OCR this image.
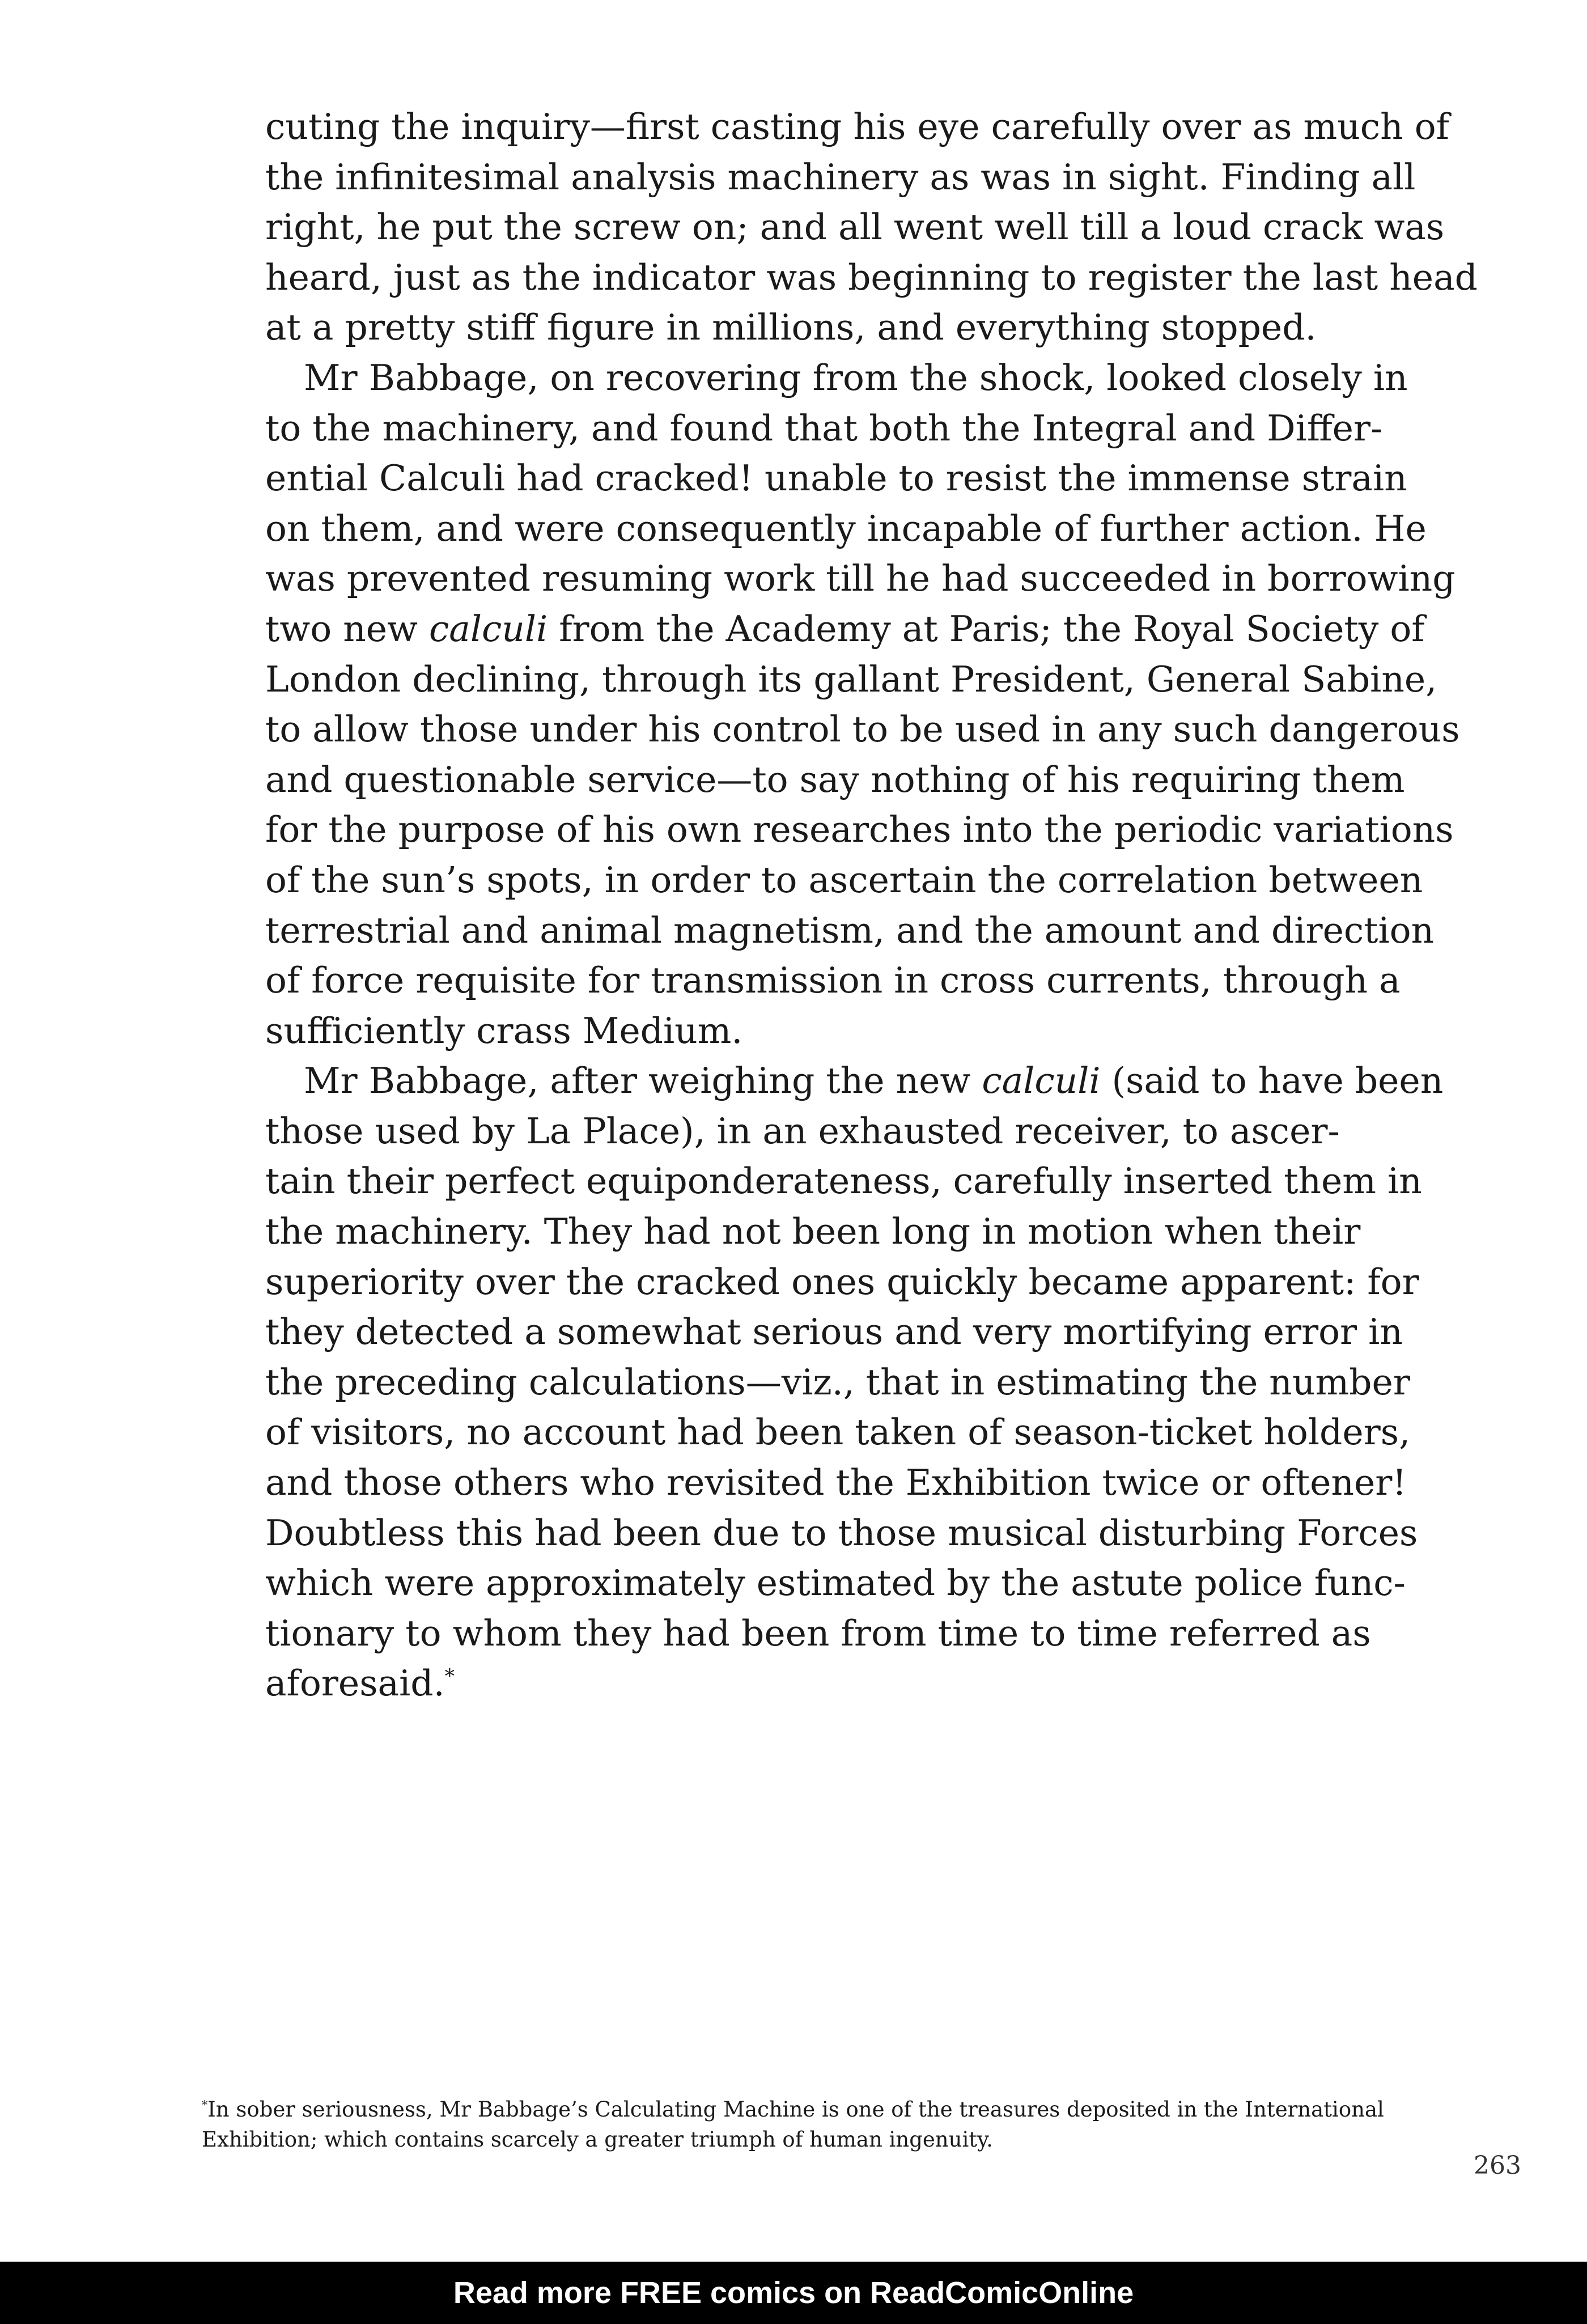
cuting the inquiry—first casting his eye carefully over as much of
the infinitesimal analysis machinery as was in sight. Finding all
right, he put the screw on; and all went well till a loud crack was
heard, just as the indicator was beginning to register the last head
at a pretty stiff figure in millions, and everything stopped.
Mr Babbage, on recovering from the shock, looked closely in
to the machinery, and found that both the Integral and Differ-
ential Calculi had cracked! unable to resist the immense strain
on them, and were consequently incapable of further action. He
was prevented resuming work till he had succeeded in borrowing
two new calculi from the Academy at Paris; the Royal Society of
London declining, through its gallant President, General Sabine,
to allow those under his control to be used in any such dangerous
and questionable service—to say nothing of his requiring them
for the purpose of his own researches into the periodic variations
of the sun’s spots, in order to ascertain the correlation between
terrestrial and animal magnetism, and the amount and direction
of force requisite for transmission in cross currents, through a
sufficiently crass Medium.
Mr Babbage, after weighing the new calculi (said to have been
those used by La Place), in an exhausted receiver, to ascer-
tain their perfect equiponderateness, carefully inserted them in
the machinery. They had not been long in motion when their
superiority over the cracked ones quickly became apparent: for
they detected a somewhat serious and very mortifying error in
the preceding calculations—viz., that in estimating the number
of visitors, no account had been taken of season-ticket holders,
and those others who revisited the Exhibition twice or oftener!
Doubtless this had been due to those musical disturbing Forces
which were approximately estimated by the astute police func-
tionary to whom they had been from time to time referred as
aforesaid.*
*In sober seriousness, Mr Babbage’s Calculating Machine is one of the treasures deposited in the International
Exhibition; which contains scarcely a greater triumph of human ingenuity.
263
Read more FREE comics on ReadComicOnline
